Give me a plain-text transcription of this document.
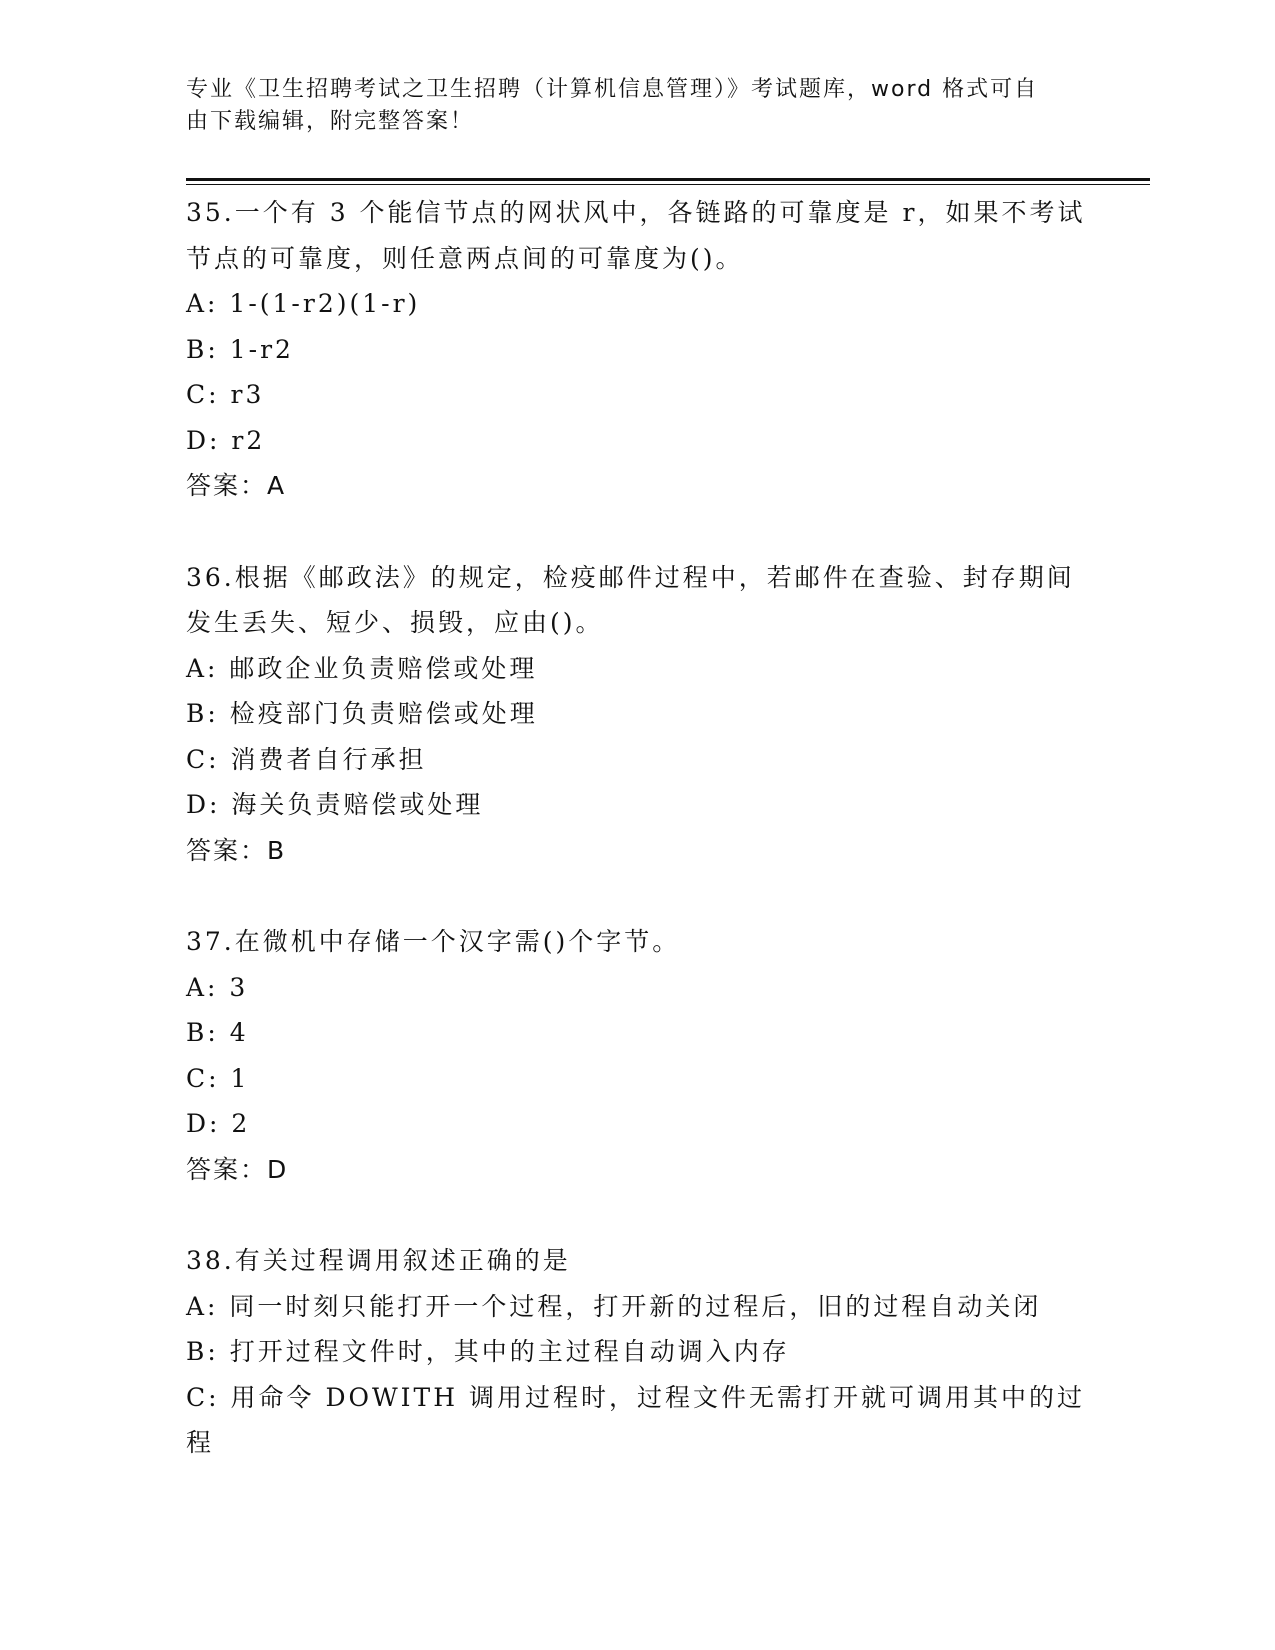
专业《卫生招聘考试之卫生招聘（计算机信息管理）》考试题库，word 格式可自
由下载编辑，附完整答案！

35.一个有 3 个能信节点的网状风中，各链路的可靠度是 r，如果不考试节点的可靠度，则任意两点间的可靠度为()。

A: 1-(1-r2)(1-r)

B: 1-r2

C: r3

D: r2

答案：A

36.根据《邮政法》的规定，检疫邮件过程中，若邮件在查验、封存期间发生丢失、短少、损毁，应由()。

A: 邮政企业负责赔偿或处理

B: 检疫部门负责赔偿或处理

C: 消费者自行承担

D: 海关负责赔偿或处理

答案：B

37.在微机中存储一个汉字需()个字节。

A: 3

B: 4

C: 1

D: 2

答案：D

38.有关过程调用叙述正确的是

A: 同一时刻只能打开一个过程，打开新的过程后，旧的过程自动关闭

B: 打开过程文件时，其中的主过程自动调入内存

C: 用命令 DOWITH 调用过程时，过程文件无需打开就可调用其中的过程
